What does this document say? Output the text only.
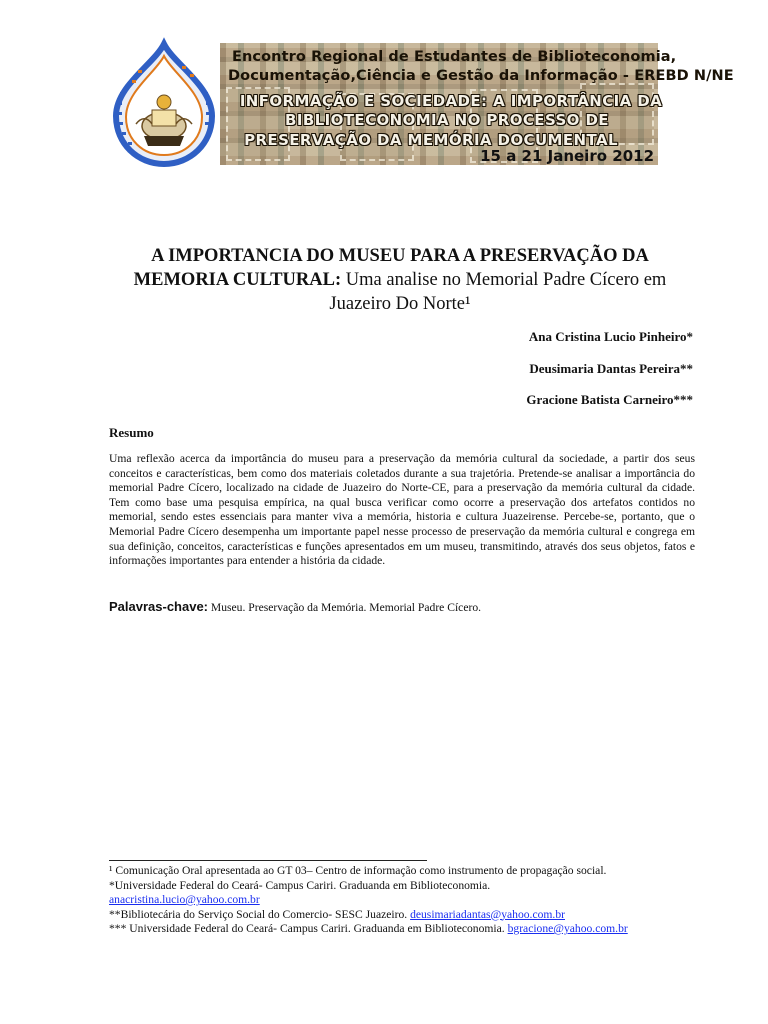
Encontro Regional de Estudantes de Biblioteconomia,
Documentação,Ciência e Gestão da Informação - EREBD N/NE
INFORMAÇÃO E SOCIEDADE: A IMPORTÂNCIA DA
BIBLIOTECONOMIA NO PROCESSO DE
PRESERVAÇÃO DA MEMÓRIA DOCUMENTAL
15 a 21 Janeiro 2012
A IMPORTANCIA DO MUSEU PARA A PRESERVAÇÃO DA
MEMORIA CULTURAL: Uma analise no Memorial Padre Cícero em
Juazeiro Do Norte¹
Ana Cristina Lucio Pinheiro*
Deusimaria Dantas Pereira**
Gracione Batista Carneiro***
Resumo
Uma reflexão acerca da importância do museu para a preservação da memória cultural da sociedade, a partir dos seus conceitos e características, bem como dos materiais coletados durante a sua trajetória. Pretende-se analisar a importância do memorial Padre Cícero, localizado na cidade de Juazeiro do Norte-CE, para a preservação da memória cultural da cidade. Tem como base uma pesquisa empírica, na qual busca verificar como ocorre a preservação dos artefatos contidos no memorial, sendo estes essenciais para manter viva a memória, historia e cultura Juazeirense. Percebe-se, portanto, que o Memorial Padre Cícero desempenha um importante papel nesse processo de preservação da memória cultural e congrega em sua definição, conceitos, características e funções apresentados em um museu, transmitindo, através dos seus objetos, fatos e informações importantes para entender a história da cidade.
Palavras-chave: Museu. Preservação da Memória. Memorial Padre Cícero.
¹ Comunicação Oral apresentada ao GT 03– Centro de informação como instrumento de propagação social.
*Universidade Federal do Ceará- Campus Cariri. Graduanda em Biblioteconomia.
anacristina.lucio@yahoo.com.br
**Bibliotecária do Serviço Social do Comercio- SESC Juazeiro. deusimariadantas@yahoo.com.br
*** Universidade Federal do Ceará- Campus Cariri. Graduanda em Biblioteconomia. bgracione@yahoo.com.br
